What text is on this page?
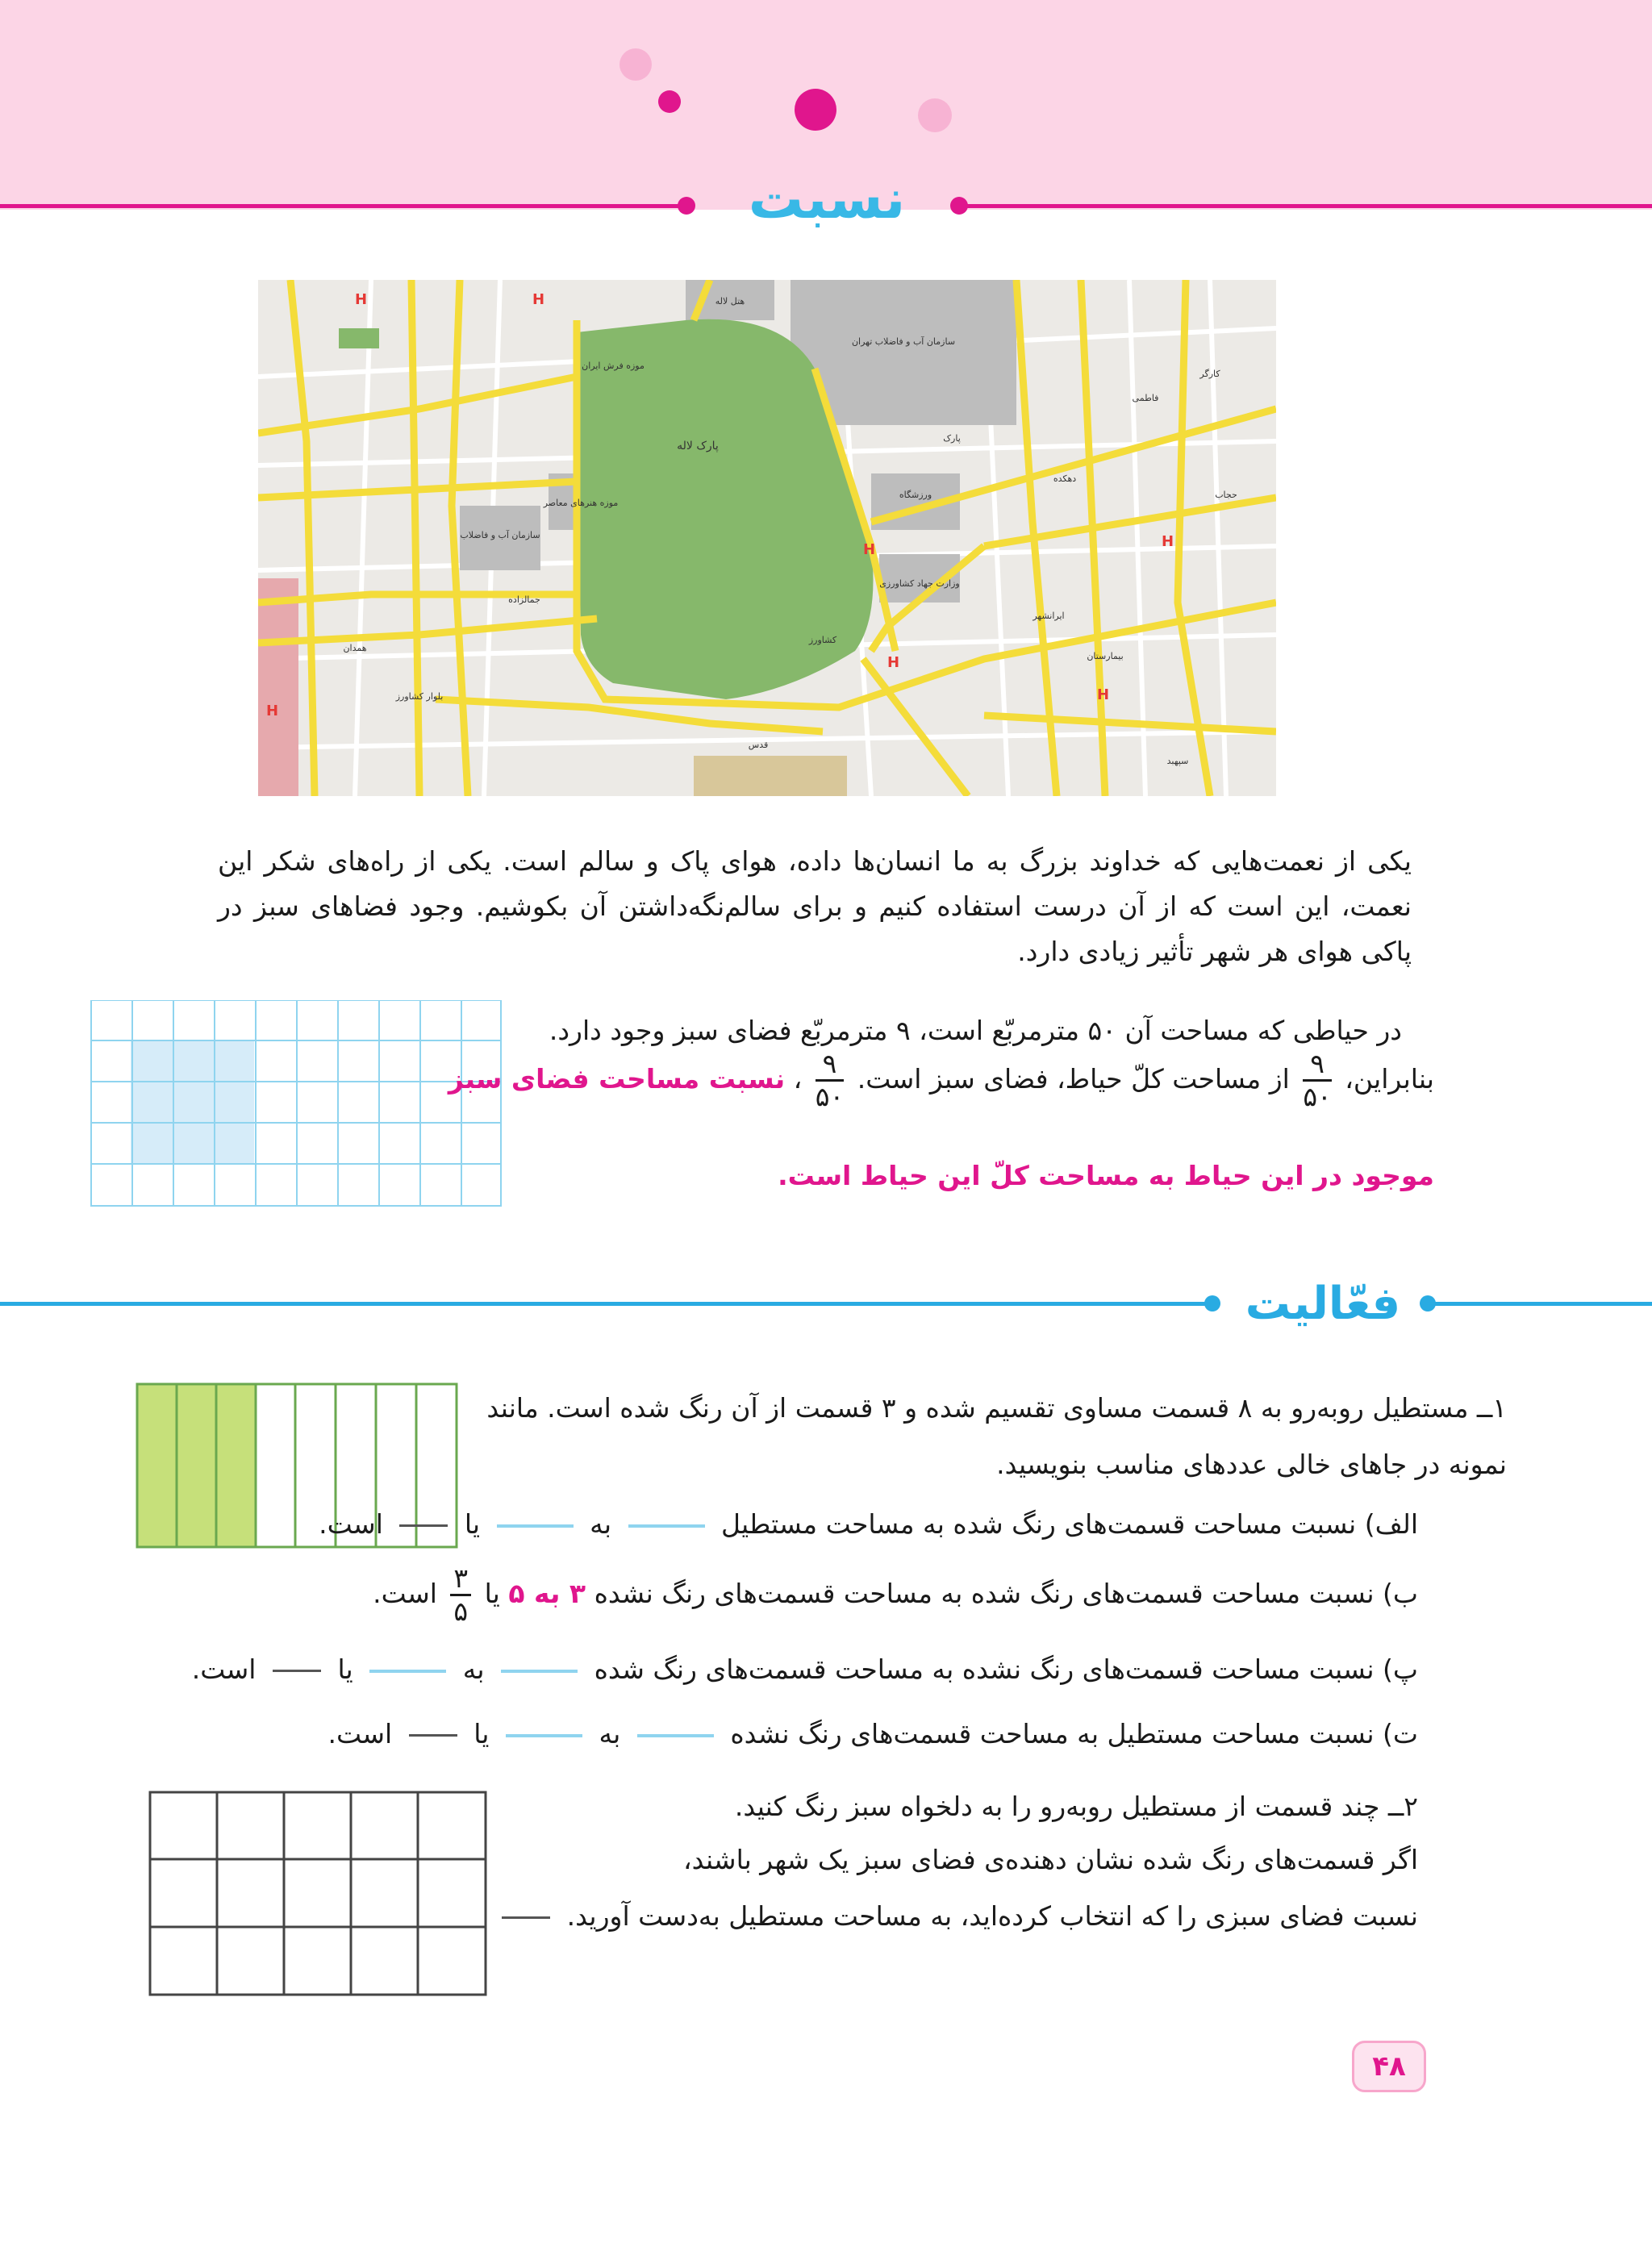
نسبت
H
H
H
H
H
H
H
پارک لاله
موزه فرش ایران
هتل لاله
سازمان آب و فاضلاب تهران
موزه هنرهای معاصر
سازمان آب و فاضلاب
ورزشگاه
وزارت جهاد کشاورزی
کشاورز
بلوار کشاورز
فاطمی
همدان
جمالزاده
ایرانشهر
حجاب
قدس
دهکده
سپهبد
پارک
بیمارستان
کارگر
یکی از نعمت‌هایی که خداوند بزرگ به ما انسان‌ها داده، هوای پاک و سالم است. یکی از راه‌های شکر این نعمت، این است که از آن درست استفاده کنیم و برای سالم‌نگه‌داشتن آن بکوشیم. وجود فضاهای سبز در پاکی هوای هر شهر تأثیر زیادی دارد.
در حیاطی که مساحت آن ۵۰ مترمربّع است، ۹ مترمربّع فضای سبز وجود دارد.
بنابراین،
$\frac{۹}{۵۰}$
از مساحت کلّ حیاط، فضای سبز است.
$\frac{۹}{۵۰}$
، نسبت مساحت فضای سبز
موجود در این حیاط به مساحت کلّ این حیاط است.
فعّالیت
۱ــ مستطیل روبه‌رو به ۸ قسمت مساوی تقسیم شده و ۳ قسمت از آن رنگ شده است. مانند
نمونه در جاهای خالی عددهای مناسب بنویسید.
الف) نسبت مساحت قسمت‌های رنگ شده به مساحت مستطیل  به  یا  است.
ب) نسبت مساحت قسمت‌های رنگ شده به مساحت قسمت‌های رنگ نشده ۳ به ۵ یا
$\frac{۳}{۵}$
است.
پ) نسبت مساحت قسمت‌های رنگ نشده به مساحت قسمت‌های رنگ شده  به  یا  است.
ت) نسبت مساحت مستطیل به مساحت قسمت‌های رنگ نشده  به  یا  است.
۲ــ چند قسمت از مستطیل روبه‌رو را به دلخواه سبز رنگ کنید.
اگر قسمت‌های رنگ شده نشان دهنده‌ی فضای سبز یک شهر باشند،
نسبت فضای سبزی را که انتخاب کرده‌اید، به مساحت مستطیل به‌دست آورید.
۴۸
